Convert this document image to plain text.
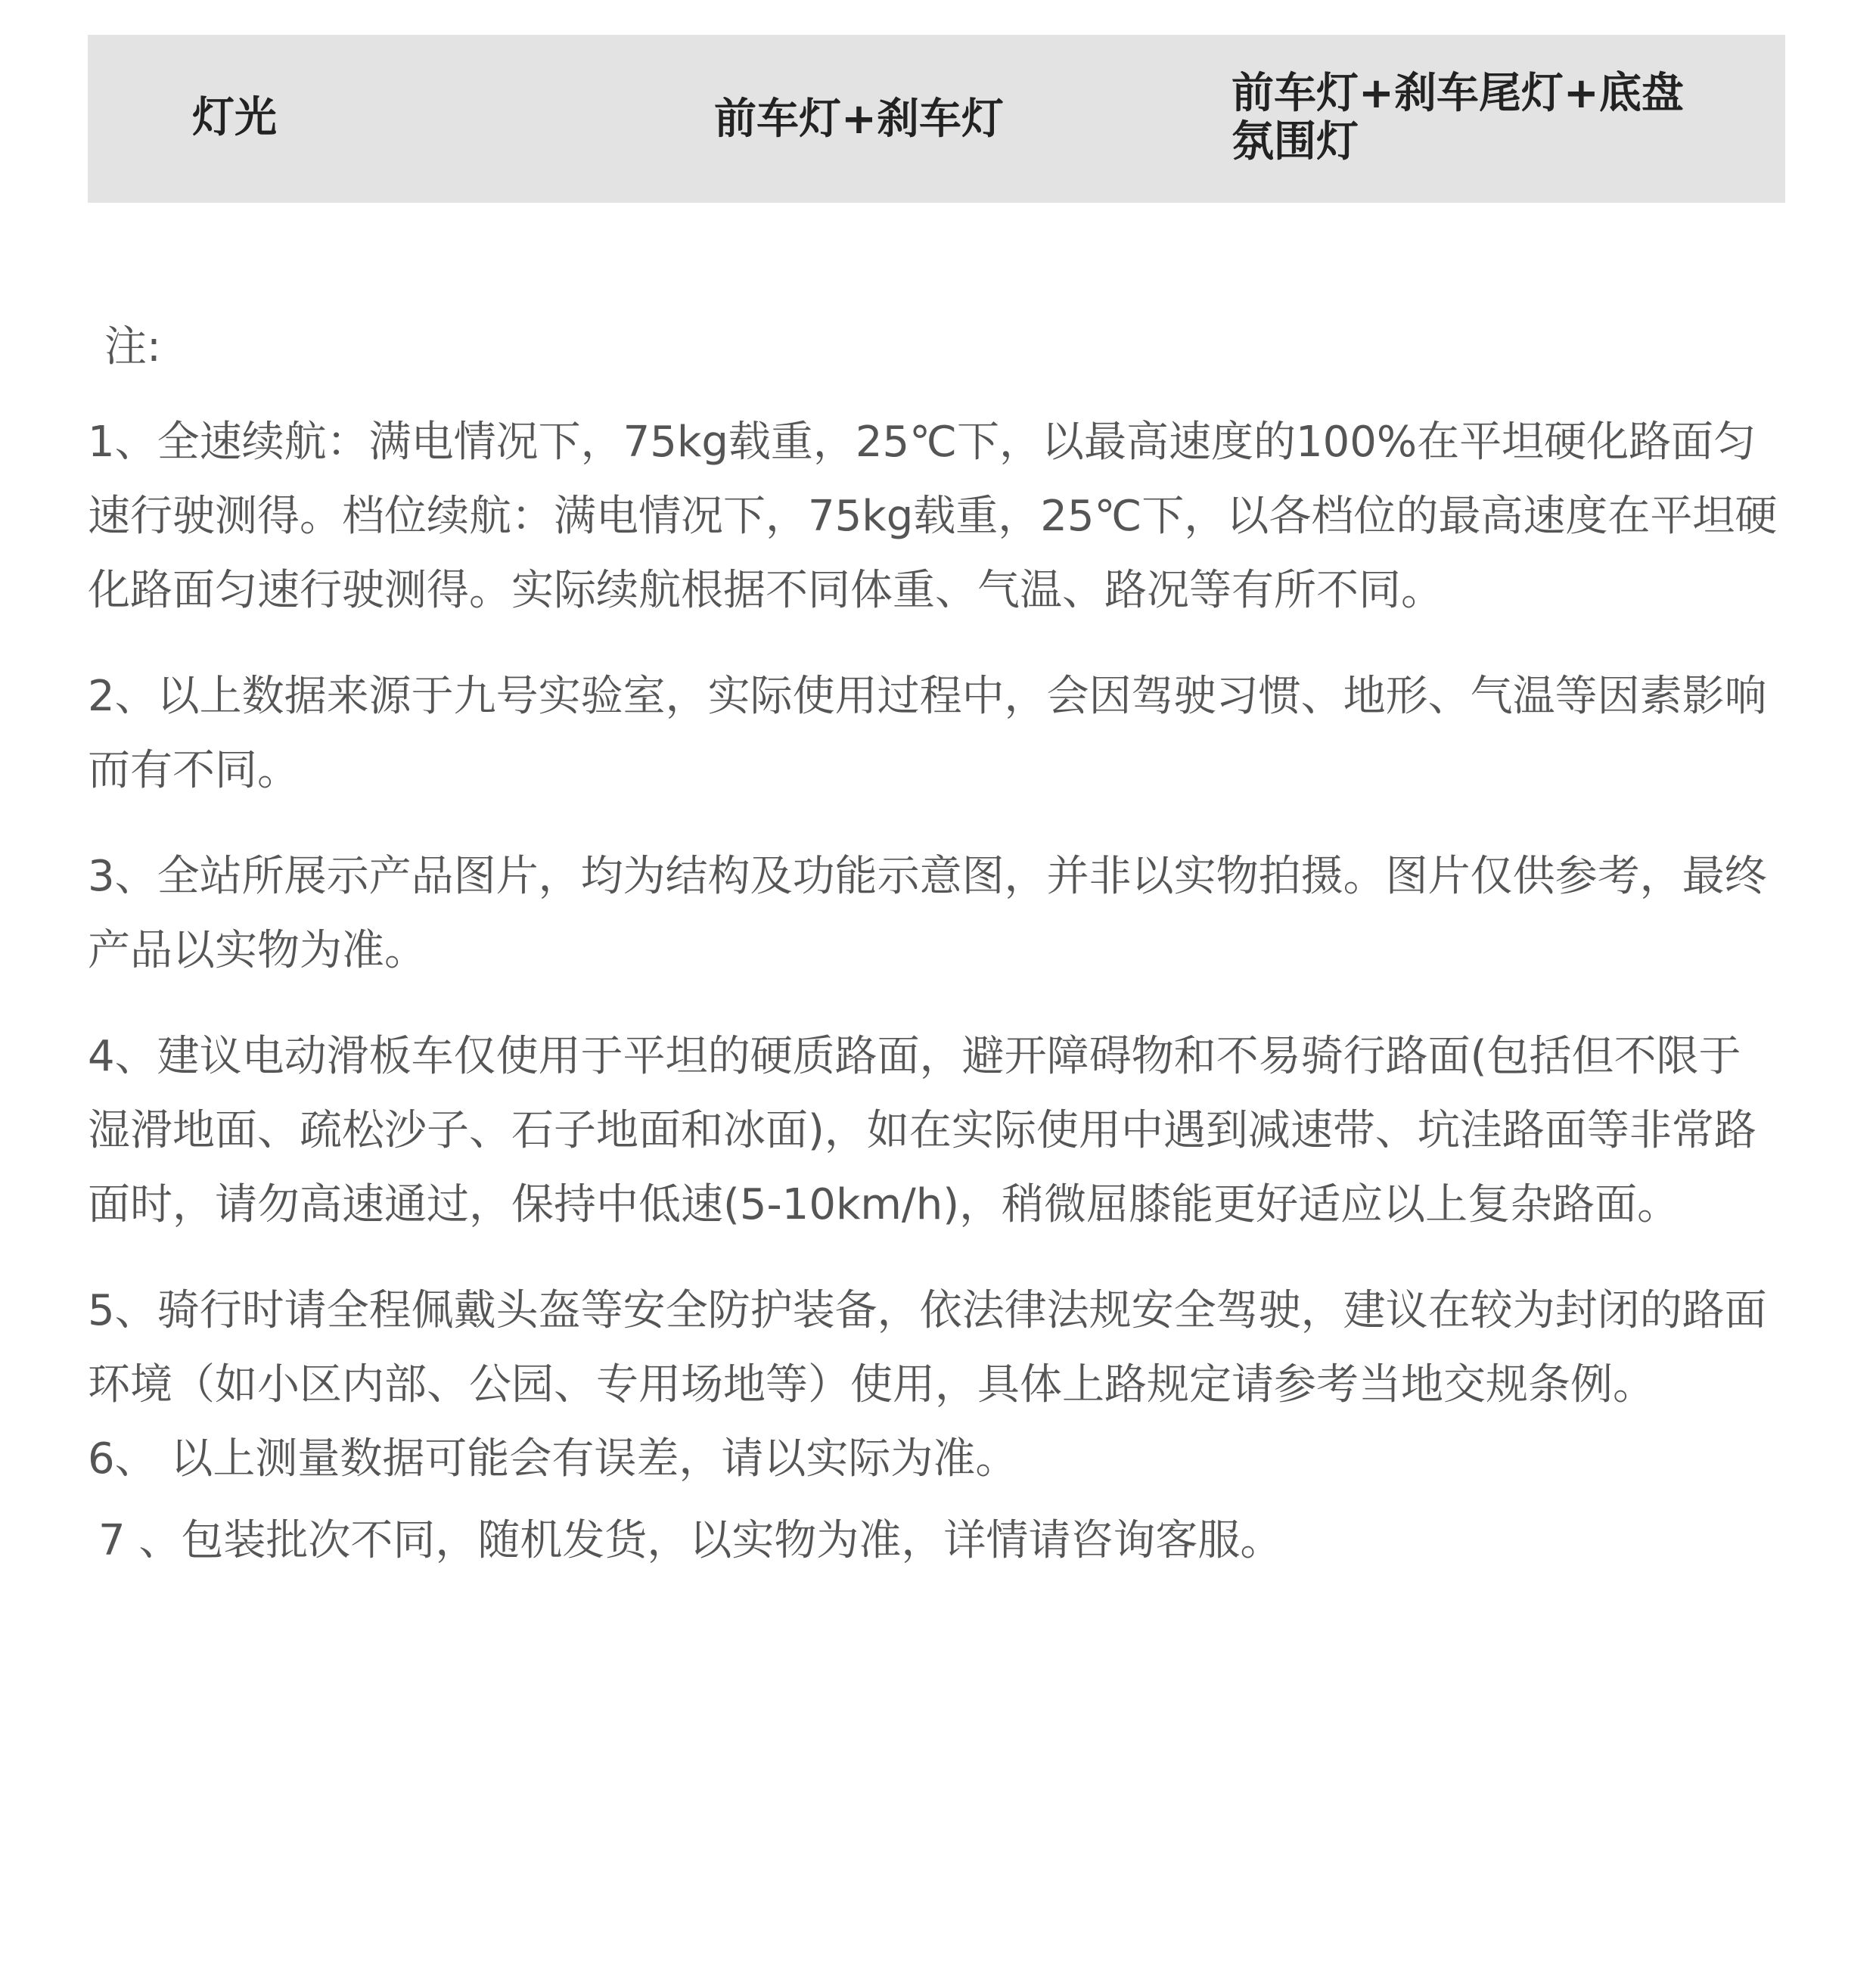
灯光	前车灯+刹车灯
前车灯+刹车尾灯+底盘氛围灯
注:

1、全速续航：满电情况下，75kg载重，25℃下，以最高速度的100%在平坦硬化路面匀速行驶测得。档位续航：满电情况下，75kg载重，25℃下，以各档位的最高速度在平坦硬化路面匀速行驶测得。实际续航根据不同体重、气温、路况等有所不同。

2、以上数据来源于九号实验室，实际使用过程中，会因驾驶习惯、地形、气温等因素影响而有不同。

3、全站所展示产品图片，均为结构及功能示意图，并非以实物拍摄。图片仅供参考，最终产品以实物为准。

4、建议电动滑板车仅使用于平坦的硬质路面，避开障碍物和不易骑行路面(包括但不限于湿滑地面、疏松沙子、石子地面和冰面)，如在实际使用中遇到减速带、坑洼路面等非常路面时，请勿高速通过，保持中低速(5-10km/h)，稍微屈膝能更好适应以上复杂路面。

5、骑行时请全程佩戴头盔等安全防护装备，依法律法规安全驾驶，建议在较为封闭的路面环境（如小区内部、公园、专用场地等）使用，具体上路规定请参考当地交规条例。

6、 以上测量数据可能会有误差，请以实际为准。

7 、包装批次不同，随机发货，以实物为准，详情请咨询客服。
